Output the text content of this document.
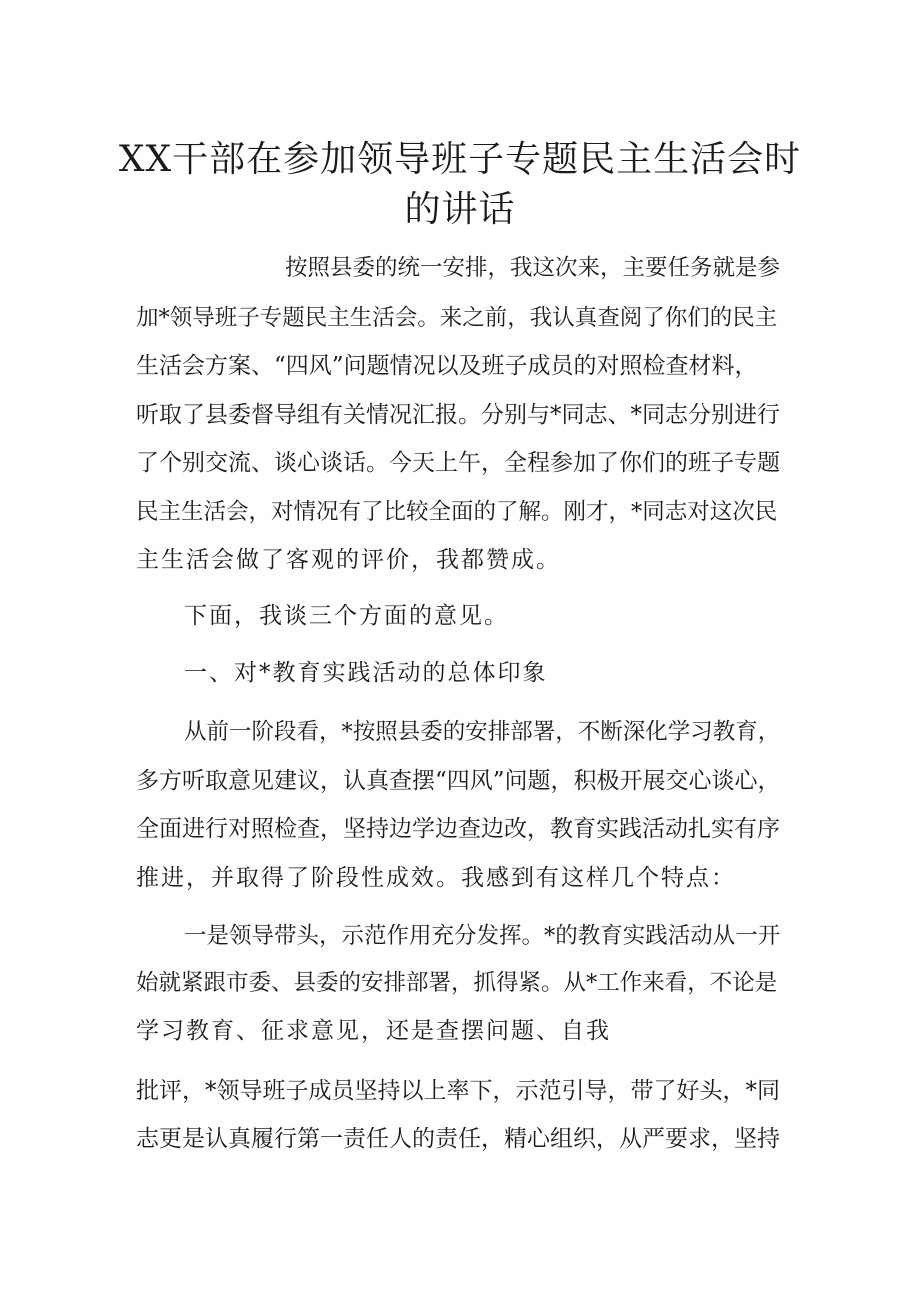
XX干部在参加领导班子专题民主生活会时
的讲话
按照县委的统一安排，我这次来，主要任务就是参
加*领导班子专题民主生活会。来之前，我认真查阅了你们的民主
生活会方案、“四风”问题情况以及班子成员的对照检查材料，
听取了县委督导组有关情况汇报。分别与*同志、*同志分别进行
了个别交流、谈心谈话。今天上午，全程参加了你们的班子专题
民主生活会，对情况有了比较全面的了解。刚才，*同志对这次民
主生活会做了客观的评价，我都赞成。
下面，我谈三个方面的意见。
一、对*教育实践活动的总体印象
从前一阶段看，*按照县委的安排部署，不断深化学习教育，
多方听取意见建议，认真查摆“四风”问题，积极开展交心谈心，
全面进行对照检查，坚持边学边查边改，教育实践活动扎实有序
推进，并取得了阶段性成效。我感到有这样几个特点：
一是领导带头，示范作用充分发挥。*的教育实践活动从一开
始就紧跟市委、县委的安排部署，抓得紧。从*工作来看，不论是
学习教育、征求意见，还是查摆问题、自我
批评，*领导班子成员坚持以上率下，示范引导，带了好头，*同
志更是认真履行第一责任人的责任，精心组织，从严要求，坚持
